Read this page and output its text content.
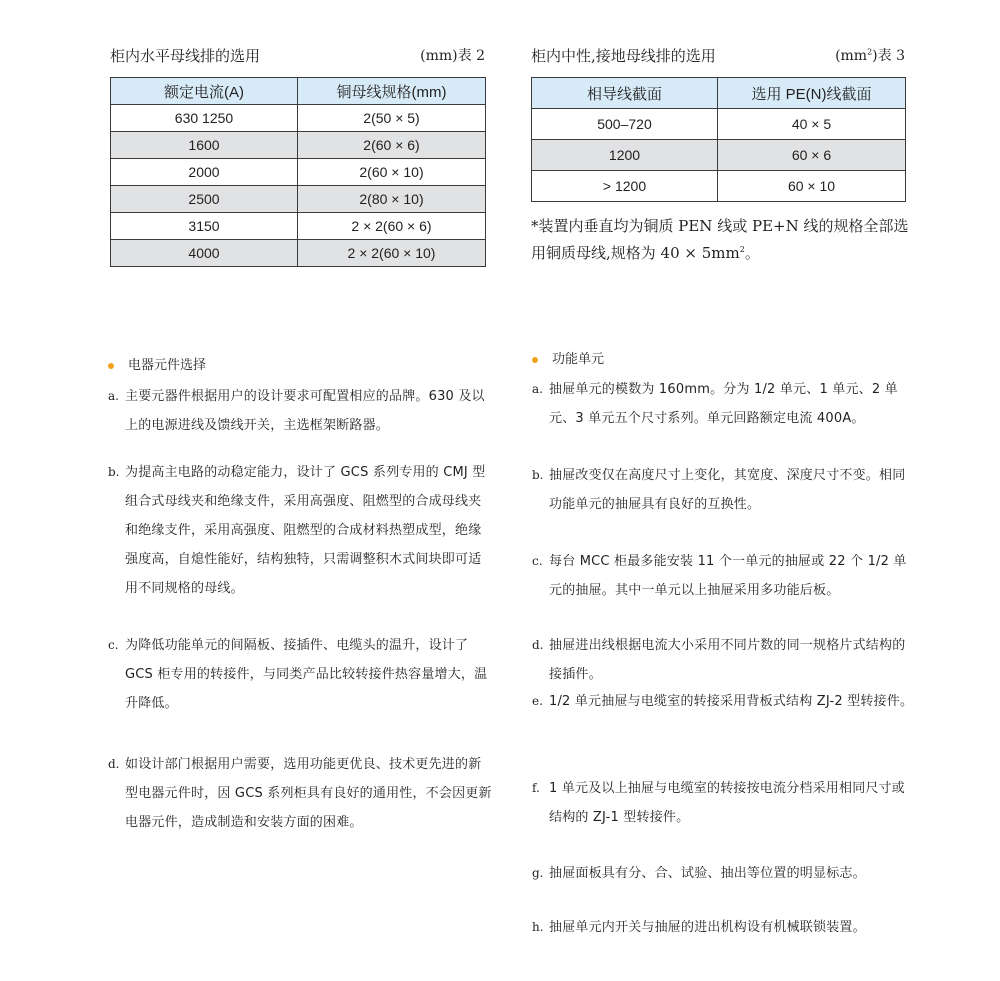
柜内水平母线排的选用	(mm)表 2
额定电流(A)	铜母线规格(mm)
630 1250	2(50 × 5)
1600	2(60 × 6)
2000	2(60 × 10)
2500	2(80 × 10)
3150	2 × 2(60 × 6)
4000	2 × 2(60 × 10)
柜内中性,接地母线排的选用	$(mm^2)$表 3
相导线截面	选用 PE(N)线截面
500–720	40 × 5
1200	60 × 6
> 1200	60 × 10
*装置内垂直均为铜质 PEN 线或 PE+N 线的规格全部选用铜质母线,规格为 $40 \times 5mm^2$。
电器元件选择
a. 主要元器件根据用户的设计要求可配置相应的品牌。630 及以上的电源进线及馈线开关，主选框架断路器。
b. 为提高主电路的动稳定能力，设计了 GCS 系列专用的 CMJ 型组合式母线夹和绝缘支件，采用高强度、阻燃型的合成母线夹和绝缘支件，采用高强度、阻燃型的合成材料热塑成型，绝缘强度高，自熄性能好，结构独特，只需调整积木式间块即可适用不同规格的母线。
c. 为降低功能单元的间隔板、接插件、电缆头的温升，设计了 GCS 柜专用的转接件，与同类产品比较转接件热容量增大，温升降低。
d. 如设计部门根据用户需要，选用功能更优良、技术更先进的新型电器元件时，因 GCS 系列柜具有良好的通用性，不会因更新电器元件，造成制造和安装方面的困难。
功能单元
a. 抽屉单元的模数为 160mm。分为 1/2 单元、1 单元、2 单元、3 单元五个尺寸系列。单元回路额定电流 400A。
b. 抽屉改变仅在高度尺寸上变化，其宽度、深度尺寸不变。相同功能单元的抽屉具有良好的互换性。
c. 每台 MCC 柜最多能安装 11 个一单元的抽屉或 22 个 1/2 单元的抽屉。其中一单元以上抽屉采用多功能后板。
d. 抽屉进出线根据电流大小采用不同片数的同一规格片式结构的接插件。
e. 1/2 单元抽屉与电缆室的转接采用背板式结构 ZJ-2 型转接件。
f. 1 单元及以上抽屉与电缆室的转接按电流分档采用相同尺寸或结构的 ZJ-1 型转接件。
g. 抽屉面板具有分、合、试验、抽出等位置的明显标志。
h. 抽屉单元内开关与抽屉的进出机构设有机械联锁装置。
